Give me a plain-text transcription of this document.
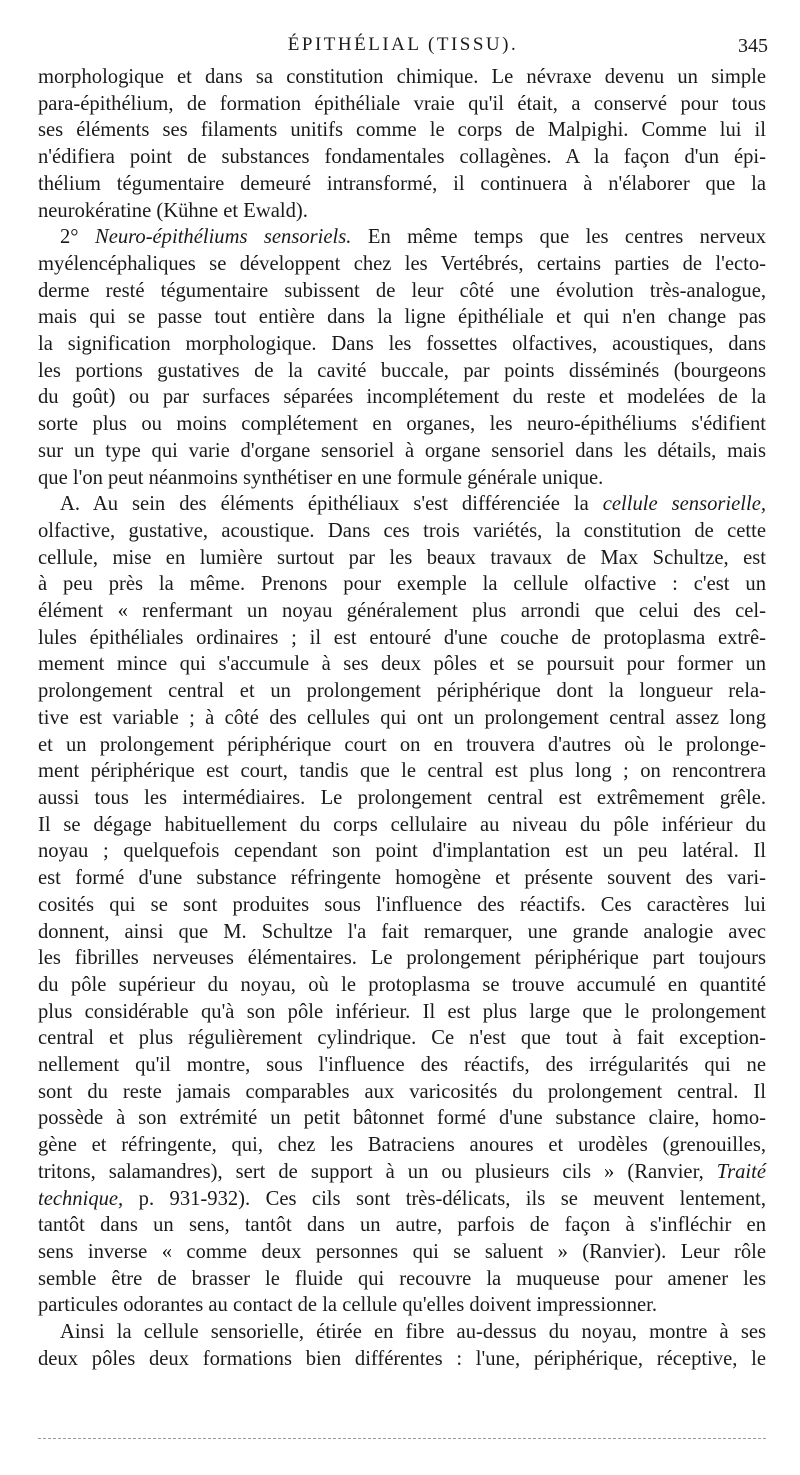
ÉPITHÉLIAL (TISSU).	345

morphologique et dans sa constitution chimique. Le névraxe devenu un simple
para-épithélium, de formation épithéliale vraie qu'il était, a conservé pour tous
ses éléments ses filaments unitifs comme le corps de Malpighi. Comme lui il
n'édifiera point de substances fondamentales collagènes. A la façon d'un épi-
thélium tégumentaire demeuré intransformé, il continuera à n'élaborer que la
neurokératine (Kühne et Ewald).

2° Neuro-épithéliums sensoriels. En même temps que les centres nerveux
myélencéphaliques se développent chez les Vertébrés, certains parties de l'ecto-
derme resté tégumentaire subissent de leur côté une évolution très-analogue,
mais qui se passe tout entière dans la ligne épithéliale et qui n'en change pas
la signification morphologique. Dans les fossettes olfactives, acoustiques, dans
les portions gustatives de la cavité buccale, par points disséminés (bourgeons
du goût) ou par surfaces séparées incomplétement du reste et modelées de la
sorte plus ou moins complétement en organes, les neuro-épithéliums s'édifient
sur un type qui varie d'organe sensoriel à organe sensoriel dans les détails, mais
que l'on peut néanmoins synthétiser en une formule générale unique.

A. Au sein des éléments épithéliaux s'est différenciée la cellule sensorielle,
olfactive, gustative, acoustique. Dans ces trois variétés, la constitution de cette
cellule, mise en lumière surtout par les beaux travaux de Max Schultze, est
à peu près la même. Prenons pour exemple la cellule olfactive : c'est un
élément « renfermant un noyau généralement plus arrondi que celui des cel-
lules épithéliales ordinaires ; il est entouré d'une couche de protoplasma extrê-
mement mince qui s'accumule à ses deux pôles et se poursuit pour former un
prolongement central et un prolongement périphérique dont la longueur rela-
tive est variable ; à côté des cellules qui ont un prolongement central assez long
et un prolongement périphérique court on en trouvera d'autres où le prolonge-
ment périphérique est court, tandis que le central est plus long ; on rencontrera
aussi tous les intermédiaires. Le prolongement central est extrêmement grêle.
Il se dégage habituellement du corps cellulaire au niveau du pôle inférieur du
noyau ; quelquefois cependant son point d'implantation est un peu latéral. Il
est formé d'une substance réfringente homogène et présente souvent des vari-
cosités qui se sont produites sous l'influence des réactifs. Ces caractères lui
donnent, ainsi que M. Schultze l'a fait remarquer, une grande analogie avec
les fibrilles nerveuses élémentaires. Le prolongement périphérique part toujours
du pôle supérieur du noyau, où le protoplasma se trouve accumulé en quantité
plus considérable qu'à son pôle inférieur. Il est plus large que le prolongement
central et plus régulièrement cylindrique. Ce n'est que tout à fait exception-
nellement qu'il montre, sous l'influence des réactifs, des irrégularités qui ne
sont du reste jamais comparables aux varicosités du prolongement central. Il
possède à son extrémité un petit bâtonnet formé d'une substance claire, homo-
gène et réfringente, qui, chez les Batraciens anoures et urodèles (grenouilles,
tritons, salamandres), sert de support à un ou plusieurs cils » (Ranvier, Traité
technique, p. 931-932). Ces cils sont très-délicats, ils se meuvent lentement,
tantôt dans un sens, tantôt dans un autre, parfois de façon à s'infléchir en
sens inverse « comme deux personnes qui se saluent » (Ranvier). Leur rôle
semble être de brasser le fluide qui recouvre la muqueuse pour amener les
particules odorantes au contact de la cellule qu'elles doivent impressionner.

Ainsi la cellule sensorielle, étirée en fibre au-dessus du noyau, montre à ses
deux pôles deux formations bien différentes : l'une, périphérique, réceptive, le
